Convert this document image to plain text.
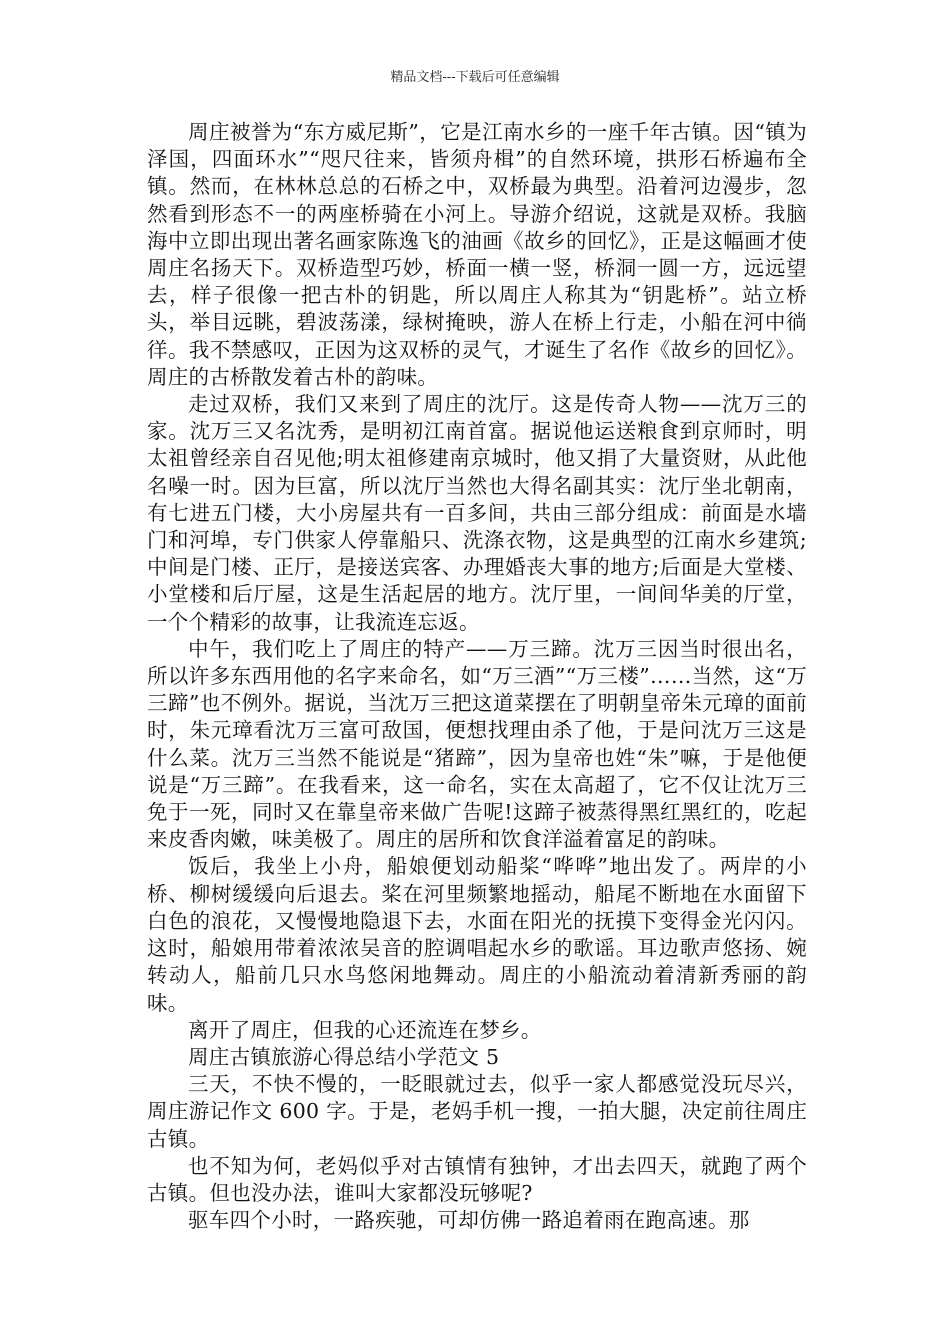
精品文档---下载后可任意编辑

周庄被誉为“东方威尼斯”，它是江南水乡的一座千年古镇。因“镇为泽国，四面环水”“咫尺往来，皆须舟楫”的自然环境，拱形石桥遍布全镇。然而，在林林总总的石桥之中，双桥最为典型。沿着河边漫步，忽然看到形态不一的两座桥骑在小河上。导游介绍说，这就是双桥。我脑海中立即出现出著名画家陈逸飞的油画《故乡的回忆》，正是这幅画才使周庄名扬天下。双桥造型巧妙，桥面一横一竖，桥洞一圆一方，远远望去，样子很像一把古朴的钥匙，所以周庄人称其为“钥匙桥”。站立桥头，举目远眺，碧波荡漾，绿树掩映，游人在桥上行走，小船在河中徜徉。我不禁感叹，正因为这双桥的灵气，才诞生了名作《故乡的回忆》。周庄的古桥散发着古朴的韵味。

走过双桥，我们又来到了周庄的沈厅。这是传奇人物——沈万三的家。沈万三又名沈秀，是明初江南首富。据说他运送粮食到京师时，明太祖曾经亲自召见他;明太祖修建南京城时，他又捐了大量资财，从此他名噪一时。因为巨富，所以沈厅当然也大得名副其实：沈厅坐北朝南，有七进五门楼，大小房屋共有一百多间，共由三部分组成：前面是水墙门和河埠，专门供家人停靠船只、洗涤衣物，这是典型的江南水乡建筑;中间是门楼、正厅，是接送宾客、办理婚丧大事的地方;后面是大堂楼、小堂楼和后厅屋，这是生活起居的地方。沈厅里，一间间华美的厅堂，一个个精彩的故事，让我流连忘返。

中午，我们吃上了周庄的特产——万三蹄。沈万三因当时很出名，所以许多东西用他的名字来命名，如“万三酒”“万三楼”……当然，这“万三蹄”也不例外。据说，当沈万三把这道菜摆在了明朝皇帝朱元璋的面前时，朱元璋看沈万三富可敌国，便想找理由杀了他，于是问沈万三这是什么菜。沈万三当然不能说是“猪蹄”，因为皇帝也姓“朱”嘛，于是他便说是“万三蹄”。在我看来，这一命名，实在太高超了，它不仅让沈万三免于一死，同时又在靠皇帝来做广告呢!这蹄子被蒸得黑红黑红的，吃起来皮香肉嫩，味美极了。周庄的居所和饮食洋溢着富足的韵味。

饭后，我坐上小舟，船娘便划动船桨“哗哗”地出发了。两岸的小桥、柳树缓缓向后退去。桨在河里频繁地摇动，船尾不断地在水面留下白色的浪花，又慢慢地隐退下去，水面在阳光的抚摸下变得金光闪闪。这时，船娘用带着浓浓吴音的腔调唱起水乡的歌谣。耳边歌声悠扬、婉转动人，船前几只水鸟悠闲地舞动。周庄的小船流动着清新秀丽的韵味。

离开了周庄，但我的心还流连在梦乡。

周庄古镇旅游心得总结小学范文 5

三天，不快不慢的，一眨眼就过去，似乎一家人都感觉没玩尽兴，周庄游记作文 600 字。于是，老妈手机一搜，一拍大腿，决定前往周庄古镇。

也不知为何，老妈似乎对古镇情有独钟，才出去四天，就跑了两个古镇。但也没办法，谁叫大家都没玩够呢?

驱车四个小时，一路疾驰，可却仿佛一路追着雨在跑高速。那
